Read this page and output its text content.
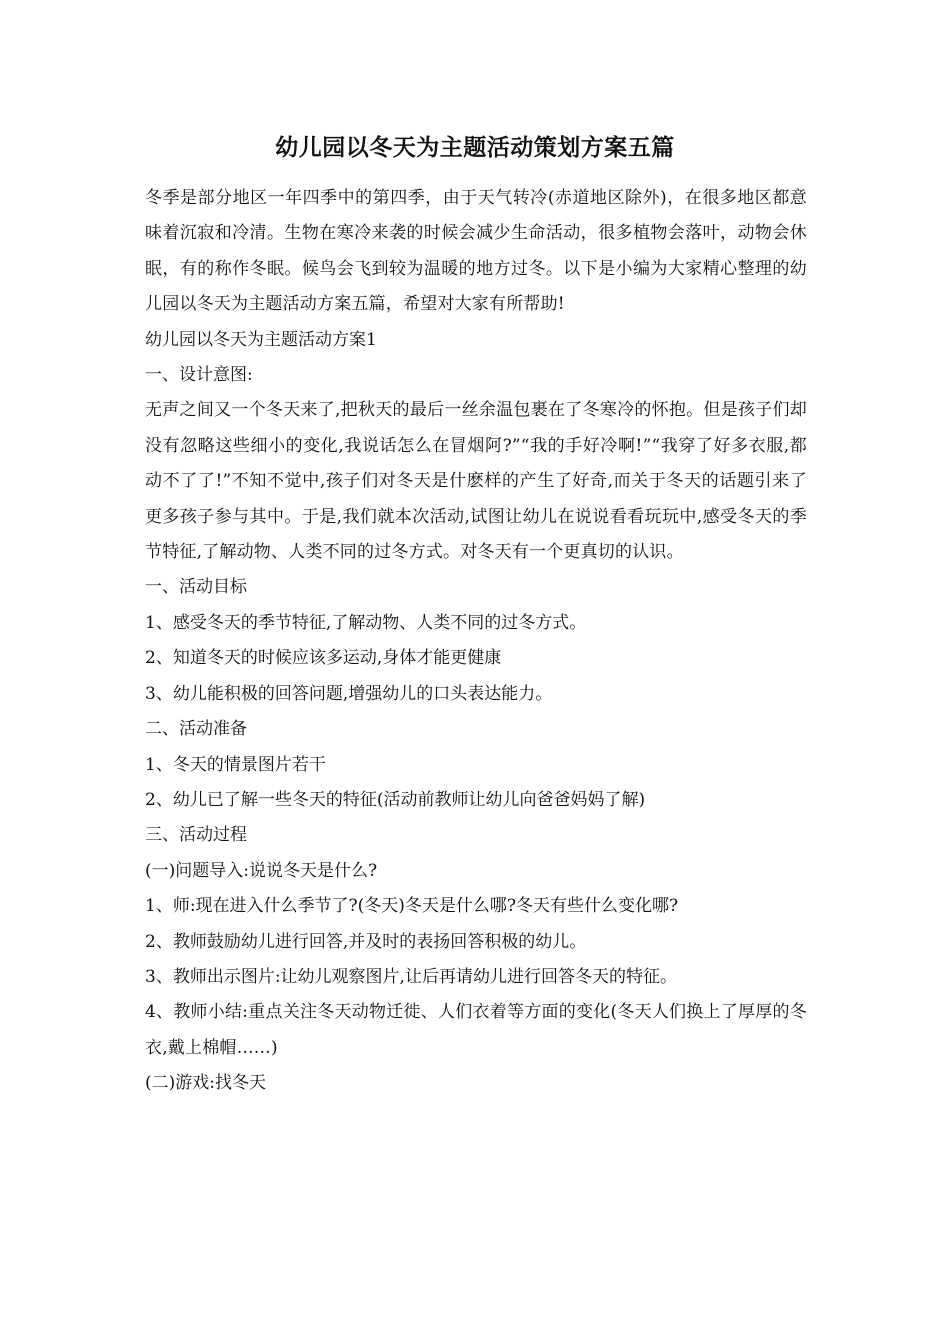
幼儿园以冬天为主题活动策划方案五篇

冬季是部分地区一年四季中的第四季，由于天气转冷(赤道地区除外)，在很多地区都意味着沉寂和冷清。生物在寒冷来袭的时候会减少生命活动，很多植物会落叶，动物会休眠，有的称作冬眠。候鸟会飞到较为温暖的地方过冬。以下是小编为大家精心整理的幼儿园以冬天为主题活动方案五篇，希望对大家有所帮助!

幼儿园以冬天为主题活动方案1

一、设计意图:

无声之间又一个冬天来了,把秋天的最后一丝余温包裹在了冬寒冷的怀抱。但是孩子们却没有忽略这些细小的变化,我说话怎么在冒烟阿?”“我的手好冷啊!”“我穿了好多衣服,都动不了了!”不知不觉中,孩子们对冬天是什麽样的产生了好奇,而关于冬天的话题引来了更多孩子参与其中。于是,我们就本次活动,试图让幼儿在说说看看玩玩中,感受冬天的季节特征,了解动物、人类不同的过冬方式。对冬天有一个更真切的认识。

一、活动目标

1、感受冬天的季节特征,了解动物、人类不同的过冬方式。

2、知道冬天的时候应该多运动,身体才能更健康

3、幼儿能积极的回答问题,增强幼儿的口头表达能力。

二、活动准备

1、冬天的情景图片若干

2、幼儿已了解一些冬天的特征(活动前教师让幼儿向爸爸妈妈了解)

三、活动过程

(一)问题导入:说说冬天是什么?

1、师:现在进入什么季节了?(冬天)冬天是什么哪?冬天有些什么变化哪?

2、教师鼓励幼儿进行回答,并及时的表扬回答积极的幼儿。

3、教师出示图片:让幼儿观察图片,让后再请幼儿进行回答冬天的特征。

4、教师小结:重点关注冬天动物迁徙、人们衣着等方面的变化(冬天人们换上了厚厚的冬衣,戴上棉帽……)

(二)游戏:找冬天
